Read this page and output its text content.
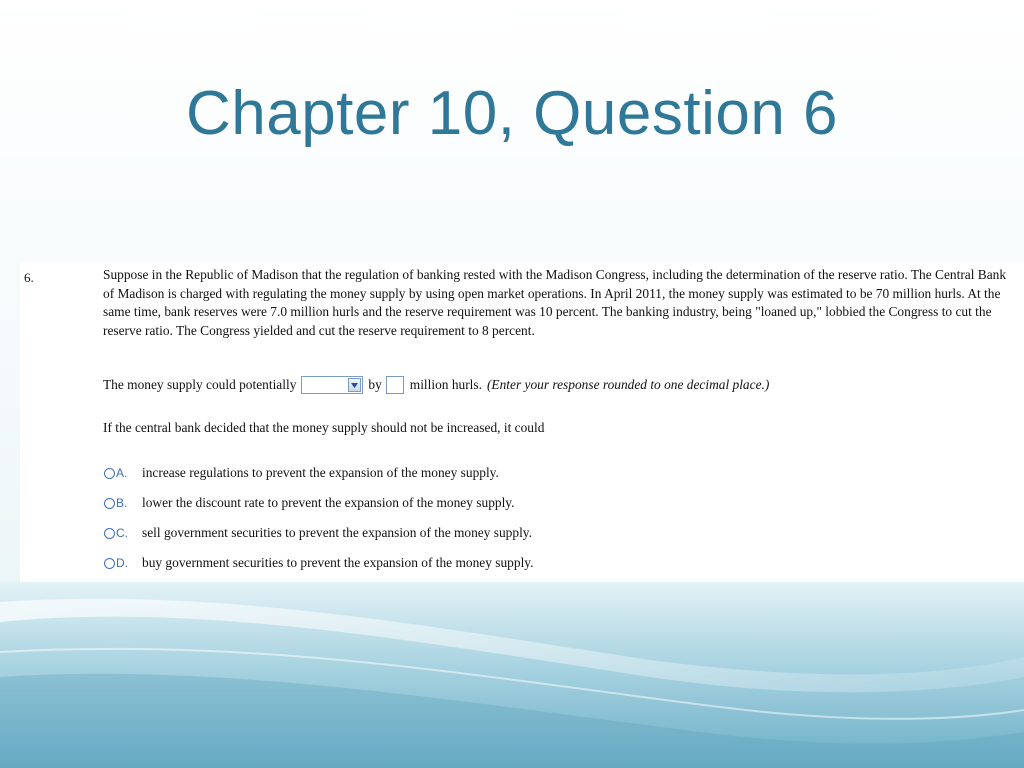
Chapter 10, Question 6
6.	Suppose in the Republic of Madison that the regulation of banking rested with the Madison Congress, including the determination of the reserve ratio. The Central Bank of Madison is charged with regulating the money supply by using open market operations. In April 2011, the money supply was estimated to be 70 million hurls. At the same time, bank reserves were 7.0 million hurls and the reserve requirement was 10 percent. The banking industry, being "loaned up," lobbied the Congress to cut the reserve ratio. The Congress yielded and cut the reserve requirement to 8 percent.

The money supply could potentially	by million hurls. (Enter your response rounded to one decimal place.)
If the central bank decided that the money supply should not be increased, it could
A.	increase regulations to prevent the expansion of the money supply.
B.	lower the discount rate to prevent the expansion of the money supply.
C.	sell government securities to prevent the expansion of the money supply.
D.	buy government securities to prevent the expansion of the money supply.
